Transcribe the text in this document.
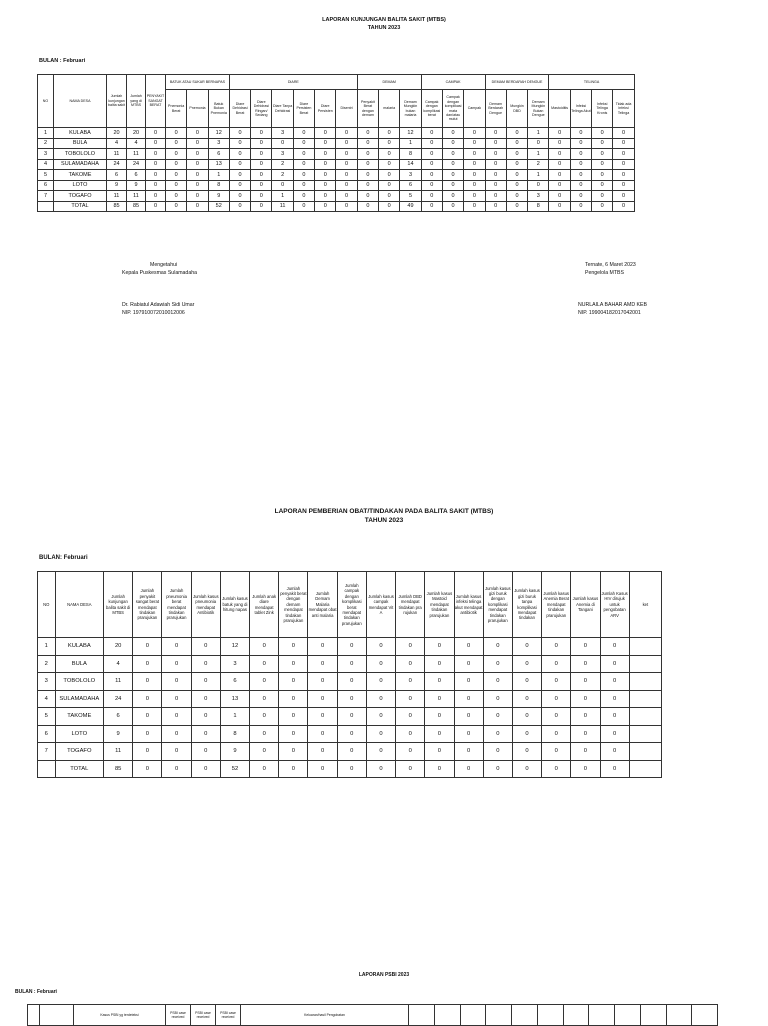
LAPORAN KUNJUNGAN BALITA SAKIT (MTBS)
TAHUN 2023
BULAN : Februari
NO	NAMA DESA	Jumlah kunjungan balita sakit	Jumlah yang di MTBS	PENYAKIT SANGAT BERAT	BATUK ATAU SUKAR BERNAPAS			DIARE						DEMAM			CAMPAK			DEMAM BERDARAH DENGUE			TELINGA			
					Pnemonia Berat	Pnemonia	Batuk Bukan Pnemonia	Diare Dehidrasi Berat	Diare Dehidrasi Ringan/ Sedang	Diare Tanpa Dehidrasi	Diare Persisten Berat	Diare Persisten	Disentri	Penyakit Berat dengan demam	malaria	Demam Mungkin bukan malaria	Campak dengan komplikasi berat	Campak dengan komplikasi mata dan/atau mulut	Campak	Demam Berdarah Dengue	Mungkin DBD	Demam Mungkin Bukan Dengue	Mastoiditis	Infeksi Telinga Akut	Infeksi Telinga Kronis	Tidak ada Infeksi Telinga
1	KULABA	20	20	0	0	0	12	0	0	3	0	0	0	0	0	12	0	0	0	0	0	1	0	0	0	0
2	BULA	4	4	0	0	0	3	0	0	0	0	0	0	0	0	1	0	0	0	0	0	0	0	0	0	0
3	TOBOLOLO	11	11	0	0	0	6	0	0	3	0	0	0	0	0	8	0	0	0	0	0	1	0	0	0	0
4	SULAMADAHA	24	24	0	0	0	13	0	0	2	0	0	0	0	0	14	0	0	0	0	0	2	0	0	0	0
5	TAKOME	6	6	0	0	0	1	0	0	2	0	0	0	0	0	3	0	0	0	0	0	1	0	0	0	0
6	LOTO	9	9	0	0	0	8	0	0	0	0	0	0	0	0	6	0	0	0	0	0	0	0	0	0	0
7	TOGAFO	11	11	0	0	0	9	0	0	1	0	0	0	0	0	5	0	0	0	0	0	3	0	0	0	0
	TOTAL	85	85	0	0	0	52	0	0	11	0	0	0	0	0	49	0	0	0	0	0	8	0	0	0	0
Mengetahui
Kepala Puskesmas Sulamadaha
Dr. Rabiatul Adawiah Sidi Umar
NIP. 197910072010012006
Ternate, 6 Maret 2023
Pengelola MTBS
NURLAILA BAHAR AMD KEB
NIP. 199004182017042001
LAPORAN PEMBERIAN OBAT/TINDAKAN PADA BALITA SAKIT (MTBS)
TAHUN 2023
BULAN: Februari
NO	NAMA DESA	Jumlah kunjungan balita sakit di MTBS	Jumlah penyakit sangat berat mendapat tindakan prarujukan	Jumlah pneumonia berat mendapat tindakan prarujukan	Jumlah kasus pneumonia mendapat Antibiotik	Jumlah kasus batuk yang di hitung napas	Jumlah anak diare mendapat tablet Zink	Jumlah penyakit berat dengan demam mendapat tindakan prarujukan	Jumlah Demam Malaria mendapat obat anti malaria	Jumlah campak dengan komplikasi berat mendapat tindakan prarujukan	Jumlah kasus campak mendapat Vit A	Jumlah DBD mendapat tindakan pra rujukan	Jumlah kasus Mastoid mendapat tindakan prarujukan	Jumlah kasus infeksi telinga akut mendapat antibiotik	Jumlah kasus gizi buruk dengan komplikasi mendapat tindakan prarujukan	Jumlah kasus gizi buruk tanpa komplikasi mendapat tindakan	Jumlah kasus Anemia Berat mendapat tindakan prarujukan	Jumlah kasus Anemia di Tangani	Jumlah Kasus HIV dirujuk untuk pengobatan ARV	ket
1	KULABA	20	0	0	0	12	0	0	0	0	0	0	0	0	0	0	0	0	0	
2	BULA	4	0	0	0	3	0	0	0	0	0	0	0	0	0	0	0	0	0	
3	TOBOLOLO	11	0	0	0	6	0	0	0	0	0	0	0	0	0	0	0	0	0	
4	SULAMADAHA	24	0	0	0	13	0	0	0	0	0	0	0	0	0	0	0	0	0	
5	TAKOME	6	0	0	0	1	0	0	0	0	0	0	0	0	0	0	0	0	0	
6	LOTO	9	0	0	0	8	0	0	0	0	0	0	0	0	0	0	0	0	0	
7	TOGAFO	11	0	0	0	9	0	0	0	0	0	0	0	0	0	0	0	0	0	
	TOTAL	85	0	0	0	52	0	0	0	0	0	0	0	0	0	0	0	0	0	
LAPORAN PSBI 2023
BULAN : Februari
		Kasus PSBI yg terdeteksi	PSBI case received	PSBI case received	PSBI case received	Keluaran/hasil Pengobatan												
